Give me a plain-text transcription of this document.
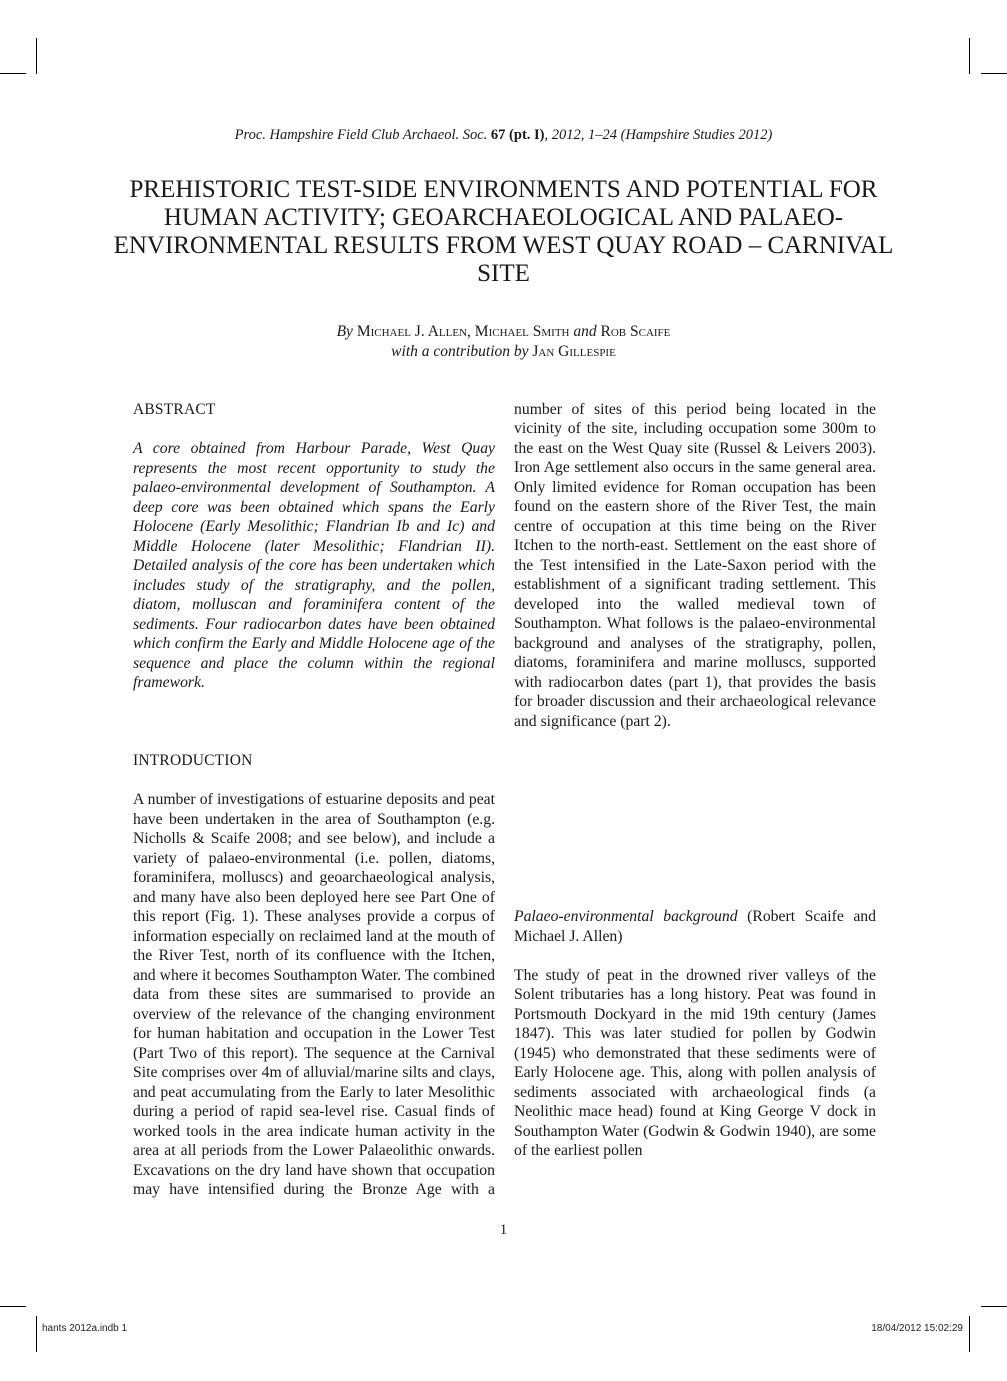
Proc. Hampshire Field Club Archaeol. Soc. 67 (pt. I), 2012, 1–24 (Hampshire Studies 2012)
PREHISTORIC TEST-SIDE ENVIRONMENTS AND POTENTIAL FOR HUMAN ACTIVITY; GEOARCHAEOLOGICAL AND PALAEO-ENVIRONMENTAL RESULTS FROM WEST QUAY ROAD – CARNIVAL SITE
By Michael J. Allen, Michael Smith and Rob Scaife
with a contribution by Jan Gillespie
ABSTRACT

A core obtained from Harbour Parade, West Quay represents the most recent opportunity to study the palaeo-environmental development of Southampton. A deep core was been obtained which spans the Early Holocene (Early Mesolithic; Flandrian Ib and Ic) and Middle Holocene (later Mesolithic; Flandrian II). Detailed analysis of the core has been undertaken which includes study of the stratigraphy, and the pollen, diatom, molluscan and foraminifera content of the sediments. Four radiocarbon dates have been obtained which confirm the Early and Middle Holocene age of the sequence and place the column within the regional framework.

INTRODUCTION

A number of investigations of estuarine deposits and peat have been undertaken in the area of Southampton (e.g. Nicholls & Scaife 2008; and see below), and include a variety of palaeo-environmental (i.e. pollen, diatoms, foraminifera, molluscs) and geoarchaeological analysis, and many have also been deployed here see Part One of this report (Fig. 1). These analyses provide a corpus of information especially on reclaimed land at the mouth of the River Test, north of its confluence with the Itchen, and where it becomes Southampton Water. The combined data from these sites are summarised to provide an overview of the relevance of the changing environment for human habitation and occupation in the Lower Test (Part Two of this report). The sequence at the Carnival Site comprises over 4m of alluvial/marine silts and clays, and peat accumulating from the Early to later Mesolithic during a period of rapid sea-level rise. Casual finds of worked tools in the area indicate human activity in the area at all periods from the Lower Palaeolithic onwards. Excavations on the dry land have shown that occupation may have intensified during the Bronze Age with a

number of sites of this period being located in the vicinity of the site, including occupation some 300m to the east on the West Quay site (Russel & Leivers 2003). Iron Age settlement also occurs in the same general area. Only limited evidence for Roman occupation has been found on the eastern shore of the River Test, the main centre of occupation at this time being on the River Itchen to the north-east. Settlement on the east shore of the Test intensified in the Late-Saxon period with the establishment of a significant trading settlement. This developed into the walled medieval town of Southampton. What follows is the palaeo-environmental background and analyses of the stratigraphy, pollen, diatoms, foraminifera and marine molluscs, supported with radiocarbon dates (part 1), that provides the basis for broader discussion and their archaeological relevance and significance (part 2).

Palaeo-environmental background (Robert Scaife and Michael J. Allen)

The study of peat in the drowned river valleys of the Solent tributaries has a long history. Peat was found in Portsmouth Dockyard in the mid 19th century (James 1847). This was later studied for pollen by Godwin (1945) who demonstrated that these sediments were of Early Holocene age. This, along with pollen analysis of sediments associated with archaeological finds (a Neolithic mace head) found at King George V dock in Southampton Water (Godwin & Godwin 1940), are some of the earliest pollen

1
hants 2012a.indb 1	18/04/2012 15:02:29
